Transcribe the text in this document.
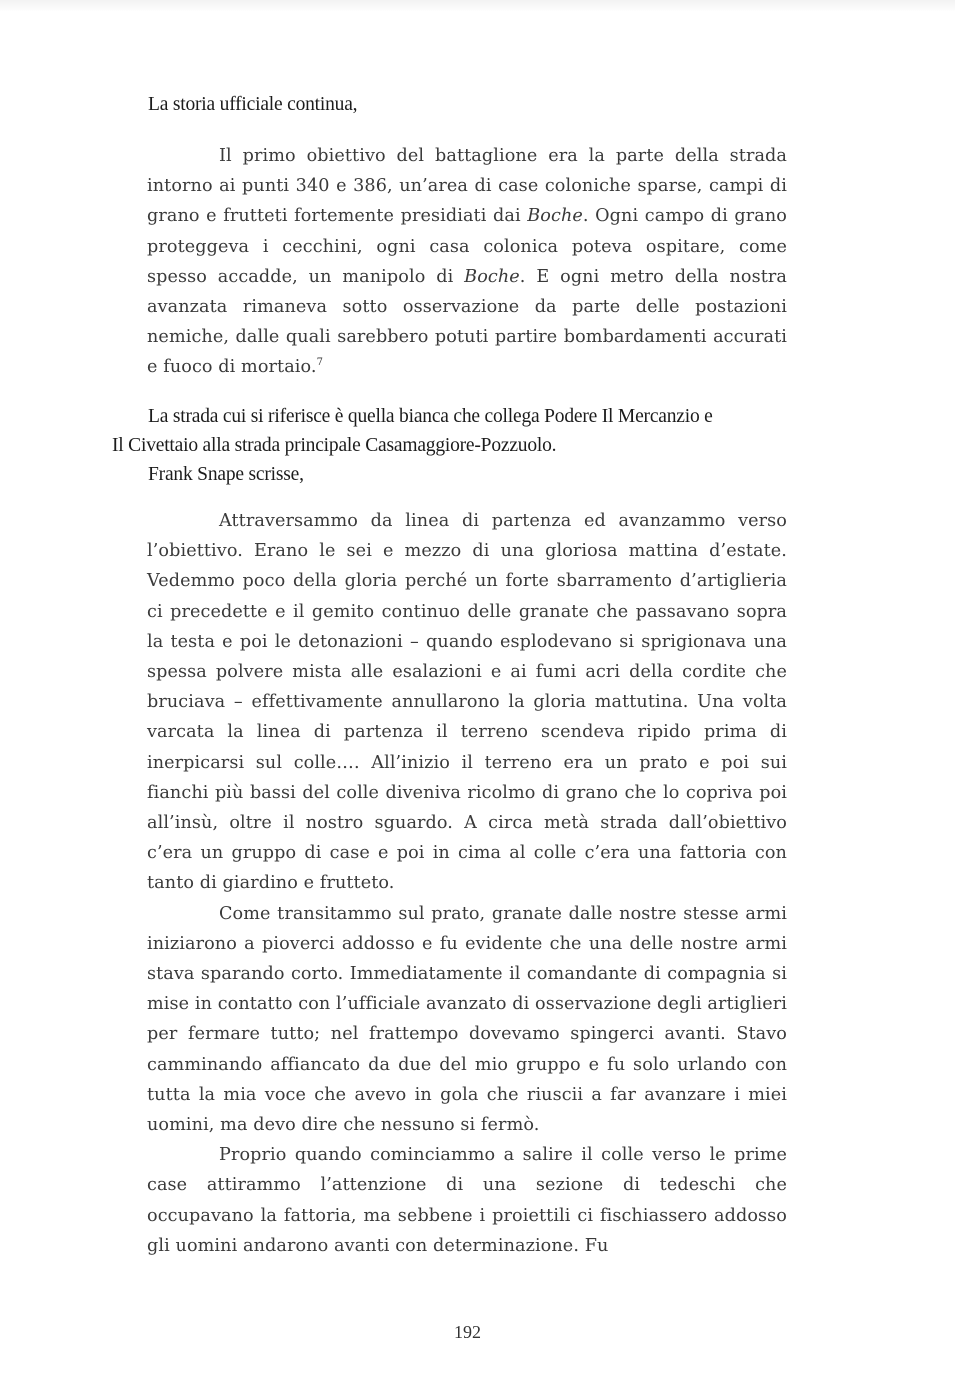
La storia ufficiale continua,

Il primo obiettivo del battaglione era la parte della strada intorno ai punti 340 e 386, un’area di case coloniche sparse, campi di grano e frutteti fortemente presidiati dai Boche. Ogni campo di grano proteggeva i cecchini, ogni casa colonica poteva ospitare, come spesso accadde, un manipolo di Boche. E ogni metro della nostra avanzata rimaneva sotto osservazione da parte delle postazioni nemiche, dalle quali sarebbero potuti partire bombardamenti accurati e fuoco di mortaio.$^7$

La strada cui si riferisce è quella bianca che collega Podere Il Mercanzio e
Il Civettaio alla strada principale Casamaggiore-Pozzuolo.
Frank Snape scrisse,

Attraversammo da linea di partenza ed avanzammo verso l’obiettivo. Erano le sei e mezzo di una gloriosa mattina d’estate. Vedemmo poco della gloria perché un forte sbarramento d’artiglieria ci precedette e il gemito continuo delle granate che passavano sopra la testa e poi le detonazioni – quando esplodevano si sprigionava una spessa polvere mista alle esalazioni e ai fumi acri della cordite che bruciava – effettivamente annullarono la gloria mattutina. Una volta varcata la linea di partenza il terreno scendeva ripido prima di inerpicarsi sul colle…. All’inizio il terreno era un prato e poi sui fianchi più bassi del colle diveniva ricolmo di grano che lo copriva poi all’insù, oltre il nostro sguardo. A circa metà strada dall’obiettivo c’era un gruppo di case e poi in cima al colle c’era una fattoria con tanto di giardino e frutteto.

Come transitammo sul prato, granate dalle nostre stesse armi iniziarono a pioverci addosso e fu evidente che una delle nostre armi stava sparando corto. Immediatamente il comandante di compagnia si mise in contatto con l’ufficiale avanzato di osservazione degli artiglieri per fermare tutto; nel frattempo dovevamo spingerci avanti. Stavo camminando affiancato da due del mio gruppo e fu solo urlando con tutta la mia voce che avevo in gola che riuscii a far avanzare i miei uomini, ma devo dire che nessuno si fermò.

Proprio quando cominciammo a salire il colle verso le prime case attirammo l’attenzione di una sezione di tedeschi che occupavano la fattoria, ma sebbene i proiettili ci fischiassero addosso gli uomini andarono avanti con determinazione. Fu

192
